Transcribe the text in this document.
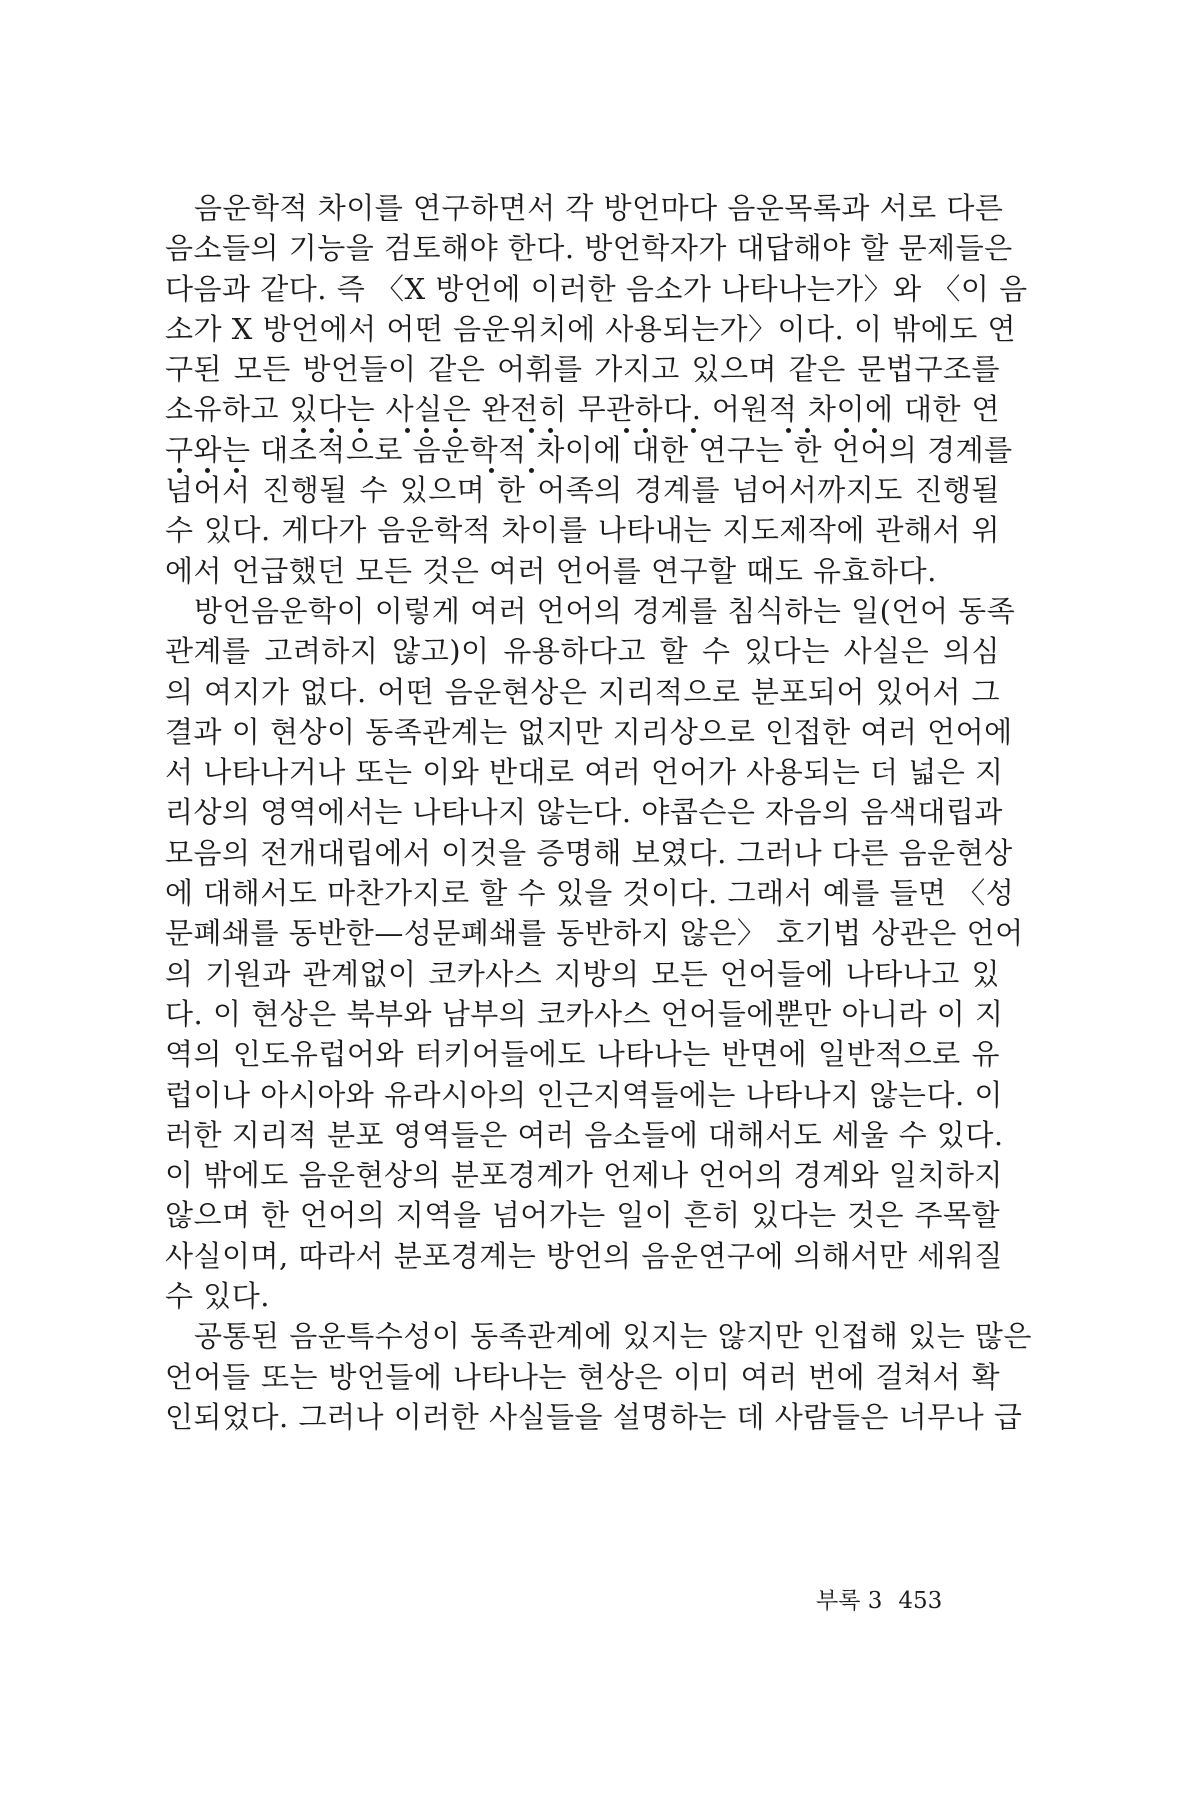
음운학적 차이를 연구하면서 각 방언마다 음운목록과 서로 다른
음소들의 기능을 검토해야 한다. 방언학자가 대답해야 할 문제들은
다음과 같다. 즉 〈X 방언에 이러한 음소가 나타나는가〉와 〈이 음
소가 X 방언에서 어떤 음운위치에 사용되는가〉이다. 이 밖에도 연
구된 모든 방언들이 같은 어휘를 가지고 있으며 같은 문법구조를
소유하고 있다는 사실은 완전히 무관하다. 어원적 차이에 대한 연
구와는 대조
적
으
로 음
운
학적 차
이에 대
한 연구는 한 언
어
의 경계를
넘
어
서 진행될 수 있으며 한 어족의 경계를 넘어서까지도 진행될
수 있다. 게다가 음운학적 차이를 나타내는 지도제작에 관해서 위
에서 언급했던 모든 것은 여러 언어를 연구할 때도 유효하다.
방언음운학이 이렇게 여러 언어의 경계를 침식하는 일(언어 동족
관계를 고려하지 않고)이 유용하다고 할 수 있다는 사실은 의심
의 여지가 없다. 어떤 음운현상은 지리적으로 분포되어 있어서 그
결과 이 현상이 동족관계는 없지만 지리상으로 인접한 여러 언어에
서 나타나거나 또는 이와 반대로 여러 언어가 사용되는 더 넓은 지
리상의 영역에서는 나타나지 않는다. 야콥슨은 자음의 음색대립과
모음의 전개대립에서 이것을 증명해 보였다. 그러나 다른 음운현상
에 대해서도 마찬가지로 할 수 있을 것이다. 그래서 예를 들면 〈성
문폐쇄를 동반한—성문폐쇄를 동반하지 않은〉 호기법 상관은 언어
의 기원과 관계없이 코카사스 지방의 모든 언어들에 나타나고 있
다. 이 현상은 북부와 남부의 코카사스 언어들에뿐만 아니라 이 지
역의 인도유럽어와 터키어들에도 나타나는 반면에 일반적으로 유
럽이나 아시아와 유라시아의 인근지역들에는 나타나지 않는다. 이
러한 지리적 분포 영역들은 여러 음소들에 대해서도 세울 수 있다.
이 밖에도 음운현상의 분포경계가 언제나 언어의 경계와 일치하지
않으며 한 언어의 지역을 넘어가는 일이 흔히 있다는 것은 주목할
사실이며, 따라서 분포경계는 방언의 음운연구에 의해서만 세워질
수 있다.
공통된 음운특수성이 동족관계에 있지는 않지만 인접해 있는 많은
언어들 또는 방언들에 나타나는 현상은 이미 여러 번에 걸쳐서 확
인되었다. 그러나 이러한 사실들을 설명하는 데 사람들은 너무나 급
부록 3 453
